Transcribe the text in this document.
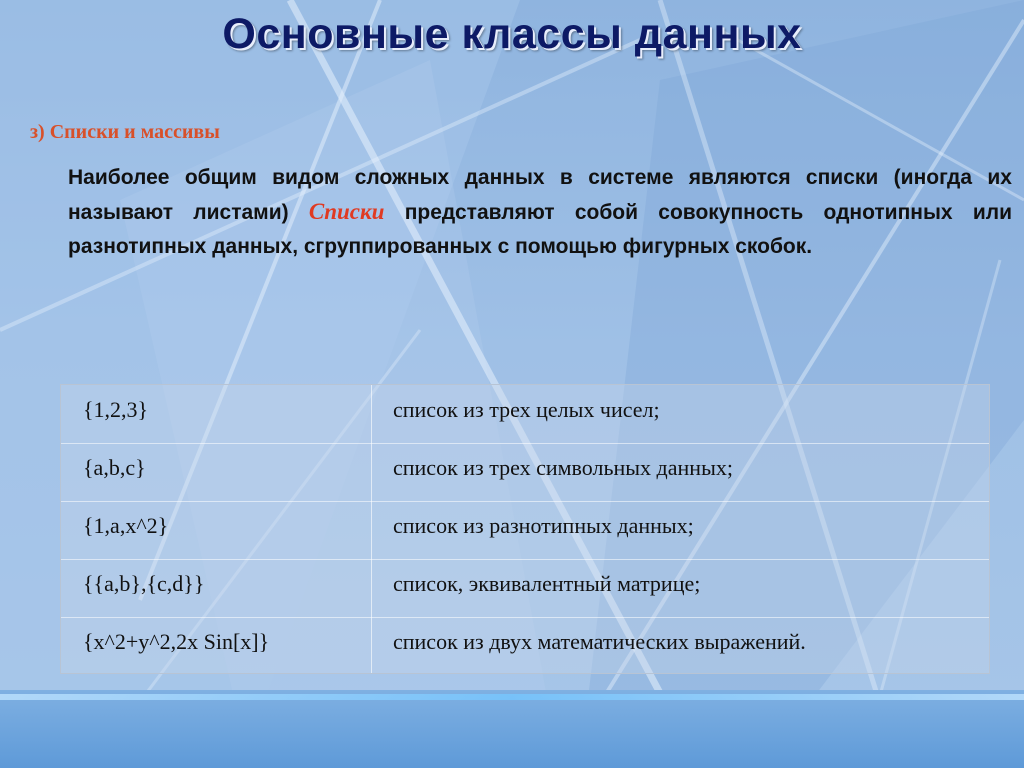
Основные классы данных
з) Списки и массивы
Наиболее общим видом сложных данных в системе являются списки (иногда их называют листами) Списки представляют собой совокупность однотипных или разнотипных данных, сгруппированных с помощью фигурных скобок.
{1,2,3}	список из трех целых чисел;
{a,b,c}	список из трех символьных данных;
{1,a,x^2}	список из разнотипных данных;
{{a,b},{c,d}}	список, эквивалентный матрице;
{x^2+y^2,2x Sin[x]}	список из двух математических выражений.
